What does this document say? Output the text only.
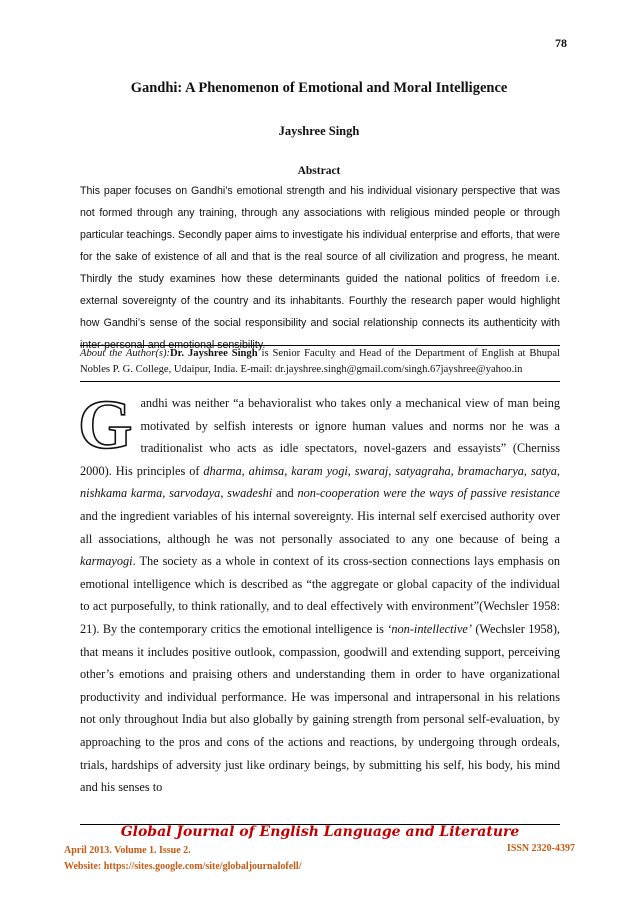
78
Gandhi: A Phenomenon of Emotional and Moral Intelligence
Jayshree Singh
Abstract

This paper focuses on Gandhi’s emotional strength and his individual visionary perspective that was not formed through any training, through any associations with religious minded people or through particular teachings. Secondly paper aims to investigate his individual enterprise and efforts, that were for the sake of existence of all and that is the real source of all civilization and progress, he meant. Thirdly the study examines how these determinants guided the national politics of freedom i.e. external sovereignty of the country and its inhabitants. Fourthly the research paper would highlight how Gandhi’s sense of the social responsibility and social relationship connects its authenticity with inter-personal and emotional sensibility.

About the Author(s):Dr. Jayshree Singh is Senior Faculty and Head of the Department of English at Bhupal Nobles P. G. College, Udaipur, India. E-mail: dr.jayshree.singh@gmail.com/singh.67jayshree@yahoo.in

Gandhi was neither “a behavioralist who takes only a mechanical view of man being motivated by selfish interests or ignore human values and norms nor he was a traditionalist who acts as idle spectators, novel-gazers and essayists” (Cherniss 2000). His principles of dharma, ahimsa, karam yogi, swaraj, satyagraha, bramacharya, satya, nishkama karma, sarvodaya, swadeshi and non-cooperation were the ways of passive resistance and the ingredient variables of his internal sovereignty. His internal self exercised authority over all associations, although he was not personally associated to any one because of being a karmayogi. The society as a whole in context of its cross-section connections lays emphasis on emotional intelligence which is described as “the aggregate or global capacity of the individual to act purposefully, to think rationally, and to deal effectively with environment”(Wechsler 1958: 21). By the contemporary critics the emotional intelligence is ‘non-intellective’ (Wechsler 1958), that means it includes positive outlook, compassion, goodwill and extending support, perceiving other’s emotions and praising others and understanding them in order to have organizational productivity and individual performance. He was impersonal and intrapersonal in his relations not only throughout India but also globally by gaining strength from personal self-evaluation, by approaching to the pros and cons of the actions and reactions, by undergoing through ordeals, trials, hardships of adversity just like ordinary beings, by submitting his self, his body, his mind and his senses to

Global Journal of English Language and Literature
April 2013. Volume 1. Issue 2.
Website: https://sites.google.com/site/globaljournalofell/
ISSN 2320-4397
